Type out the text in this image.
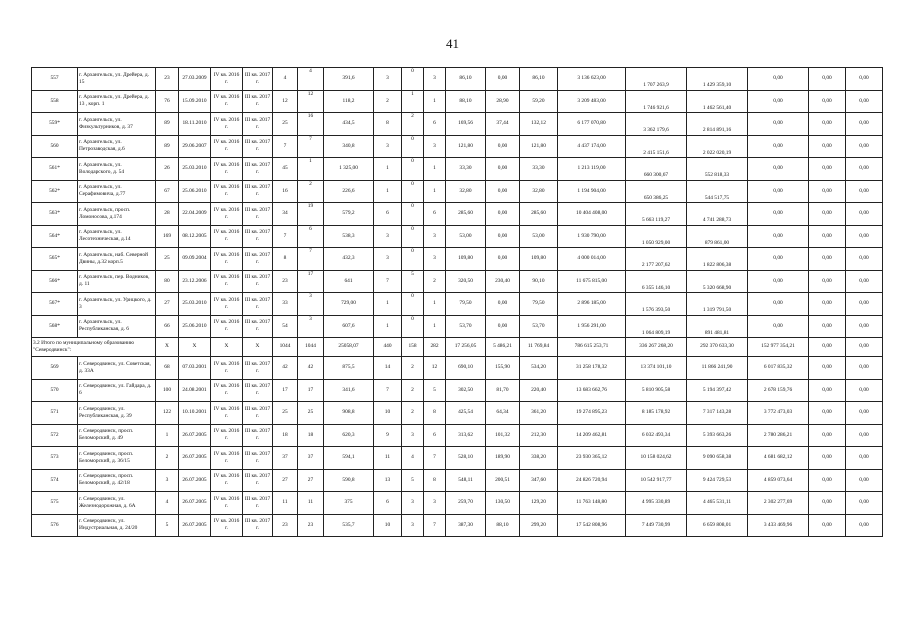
41
557	г. Архангельск, ул. Дрейера, д. 15	23	27.03.2009	IV кв. 2016 г.	III кв. 2017 г.	4	4	391,6	3	0	3	86,10	0,00	86,10	3 136 623,00	1 707 263,9	1 429 359,10	0,00	0,00	0,00
558	г. Архангельск, ул. Дрейера, д. 13 , корп. 1	76	15.09.2010	IV кв. 2016 г.	III кв. 2017 г.	12	12	118,2	2	1	1	88,10	28,90	59,20	3 209 483,00	1 746 921,6	1 462 561,40	0,00	0,00	0,00
559*	г. Архангельск, ул. Физкультурников, д. 37	89	18.11.2010	IV кв. 2016 г.	III кв. 2017 г.	25	16	434,5	8	2	6	169,56	37,44	132,12	6 177 070,80	3 362 179,6	2 814 891,16	0,00	0,00	0,00
560	г. Архангельск, ул. Петрозаводская, д.6	89	29.06.2007	IV кв. 2016 г.	III кв. 2017 г.	7	7	340,8	3	0	3	121,80	0,00	121,80	4 437 174,00	2 415 151,6	2 022 020,19	0,00	0,00	0,00
561*	г. Архангельск, ул. Володарского, д. 54	26	25.03.2010	IV кв. 2016 г.	III кв. 2017 г.	45	1	1 325,00	1	0	1	33,30	0,00	33,30	1 213 119,00	660 300,67	552 818,33	0,00	0,00	0,00
562*	г. Архангельск, ул. Серафимовича, д.77	67	25.06.2010	IV кв. 2016 г.	III кв. 2017 г.	16	2	226,6	1	0	1	32,80	0,00	32,80	1 194 904,00	650 386,25	544 517,75	0,00	0,00	0,00
563*	г. Архангельск, просп. Ломоносова, д.174	28	22.04.2009	IV кв. 2016 г.	III кв. 2017 г.	34	19	579,2	6	0	6	285,60	0,00	285,60	10 404 408,00	5 663 119,27	4 741 288,73	0,00	0,00	0,00
564*	г. Архангельск, ул. Лесотехническая, д.14	169	08.12.2005	IV кв. 2016 г.	III кв. 2017 г.	7	6	538,3	3	0	3	53,00	0,00	53,00	1 930 790,00	1 050 929,00	879 861,00	0,00	0,00	0,00
565*	г. Архангельск, наб. Северной Двины, д.32 корп.5	25	09.09.2004	IV кв. 2016 г.	III кв. 2017 г.	8	7	432,3	3	0	3	109,80	0,00	109,80	4 000 014,00	2 177 207,62	1 822 806,38	0,00	0,00	0,00
566*	г. Архангельск, пер. Водников, д. 11	80	23.12.2006	IV кв. 2016 г.	III кв. 2017 г.	23	17	641	7	5	2	320,50	230,40	90,10	11 675 815,00	6 355 146,10	5 320 668,90	0,00	0,00	0,00
567*	г. Архангельск, ул. Урицкого, д. 3	27	25.03.2010	IV кв. 2016 г.	III кв. 2017 г.	33	3	729,00	1	0	1	79,50	0,00	79,50	2 896 185,00	1 576 393,50	1 319 791,50	0,00	0,00	0,00
568*	г. Архангельск, ул. Республиканская, д. 6	66	25.06.2010	IV кв. 2016 г.	III кв. 2017 г.	54	3	607,6	1	0	1	53,70	0,00	53,70	1 956 291,00	1 064 809,19	891 481,81	0,00	0,00	0,00
3.2 Итого по муниципальному образованию "Северодвинск":		X	X	X	X	1044	1044	25058,07	440	158	282	17 256,05	5 486,21	11 769,84	786 615 253,71	336 267 268,20	292 370 633,30	152 977 354,21	0,00	0,00
569	г. Северодвинск, ул. Советская, д. 33А	68	07.03.2001	IV кв. 2016 г.	III кв. 2017 г.	42	42	875,5	14	2	12	690,10	155,90	534,20	31 258 178,32	13 374 101,10	11 866 241,90	6 017 835,32	0,00	0,00
570	г. Северодвинск, ул. Гайдара, д. 6	100	24.08.2001	IV кв. 2016 г.	III кв. 2017 г.	17	17	341,6	7	2	5	302,50	81,70	220,40	13 683 662,76	5 810 905,58	5 194 397,42	2 678 159,76	0,00	0,00
571	г. Северодвинск, ул. Республиканская, д. 39	122	10.10.2001	IV кв. 2016 г.	III кв. 2017 г.	25	25	908,8	10	2	8	425,54	64,34	361,20	19 274 895,23	8 185 178,92	7 317 143,28	3 772 473,03	0,00	0,00
572	г. Северодвинск, просп. Беломорский, д. 49	1	26.07.2005	IV кв. 2016 г.	III кв. 2017 г.	18	18	620,3	9	3	6	313,62	101,32	212,30	14 209 462,81	6 032 493,34	5 393 663,26	2 780 286,21	0,00	0,00
573	г. Северодвинск, просп. Беломорский, д. 36/15	2	26.07.2005	IV кв. 2016 г.	III кв. 2017 г.	37	37	594,1	11	4	7	528,10	189,90	338,20	23 930 365,12	10 158 024,62	9 090 658,38	4 681 682,12	0,00	0,00
574	г. Северодвинск, просп. Беломорский, д. 42/18	3	26.07.2005	IV кв. 2016 г.	III кв. 2017 г.	27	27	590,8	13	5	8	548,11	200,51	347,60	24 826 720,94	10 542 917,77	9 424 729,53	4 859 073,64	0,00	0,00
575	г. Северодвинск, ул. Железнодорожная, д. 6А	4	26.07.2005	IV кв. 2016 г.	III кв. 2017 г.	11	11	375	6	3	3	259,70	130,50	129,20	11 763 148,80	4 995 330,89	4 465 531,11	2 302 277,69	0,00	0,00
576	г. Северодвинск, ул. Индустриальная, д. 24/20	5	26.07.2005	IV кв. 2016 г.	III кв. 2017 г.	23	23	535,7	10	3	7	387,30	88,10	299,20	17 542 808,96	7 449 730,99	6 659 808,01	3 433 469,96	0,00	0,00
